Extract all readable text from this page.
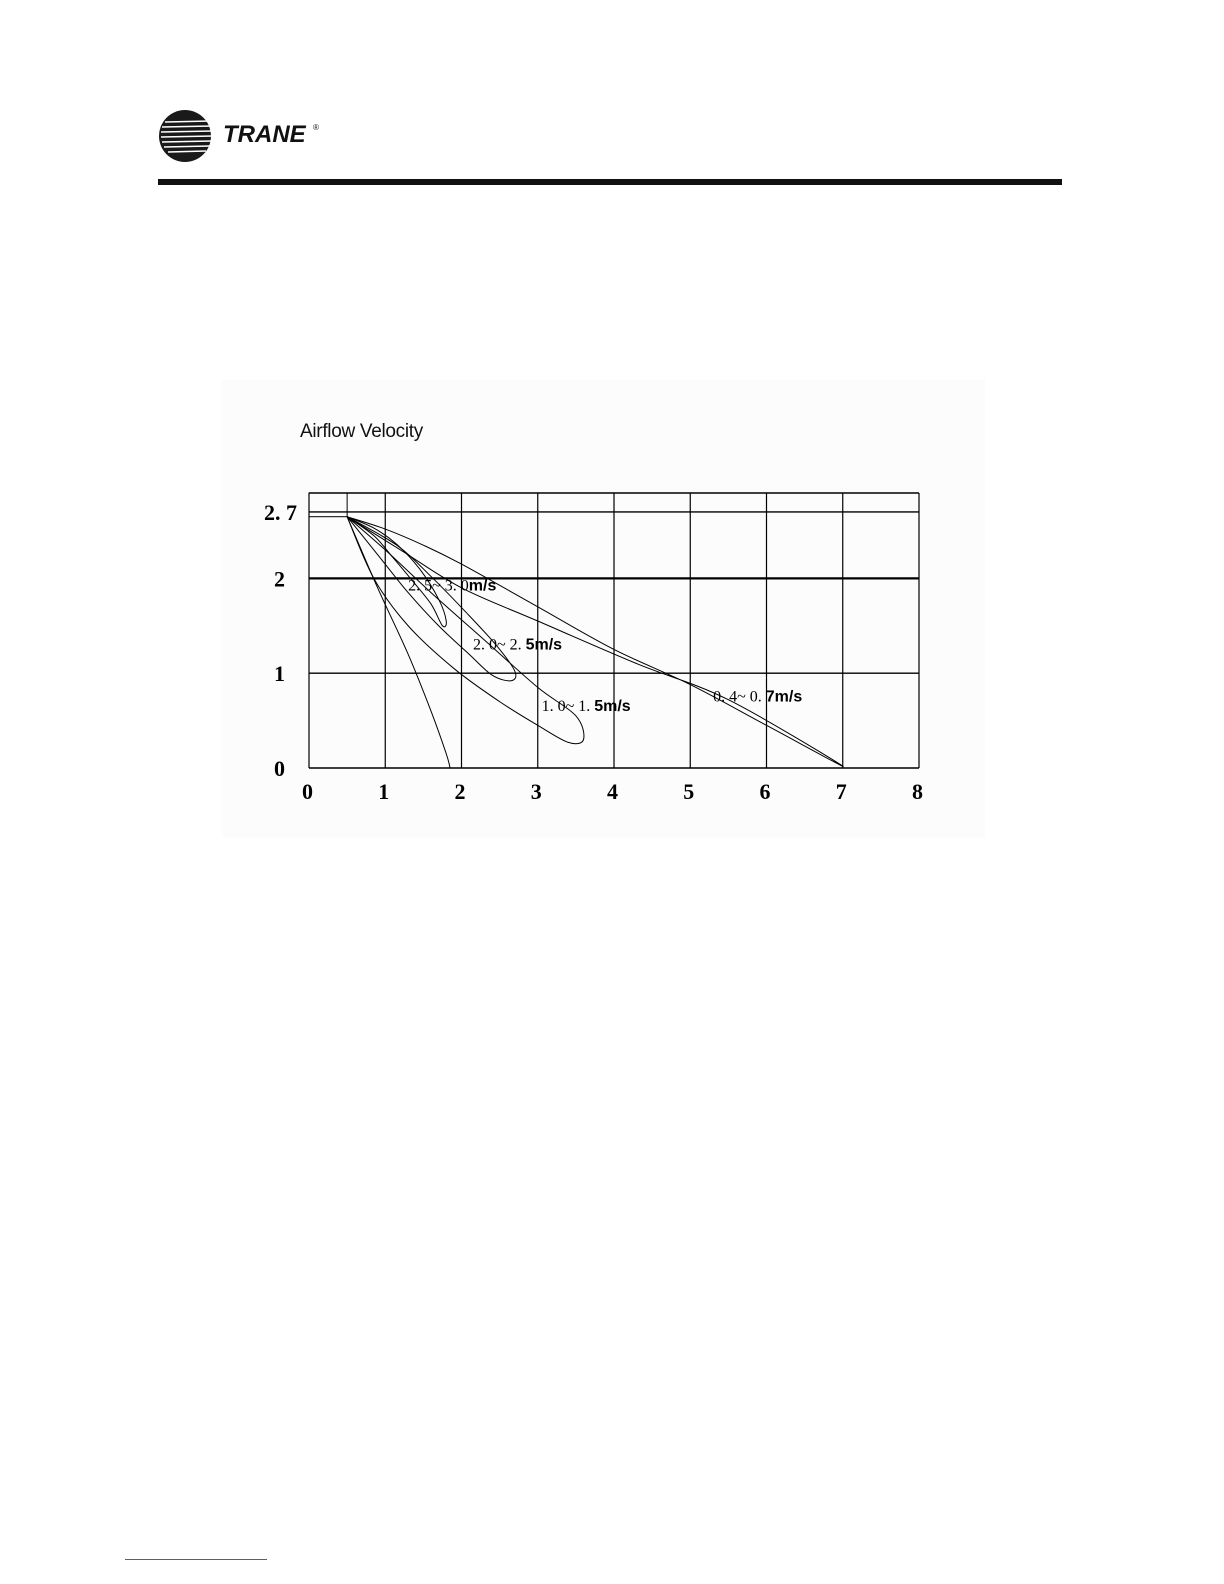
TRANE ®
Airflow Velocity
0	1	2	3	4	5	6	7	8
0
1
2
2. 7
2. 5~ 3. 0m/s
2. 0~ 2. 5m/s
1. 0~ 1. 5m/s
0. 4~ 0. 7m/s
